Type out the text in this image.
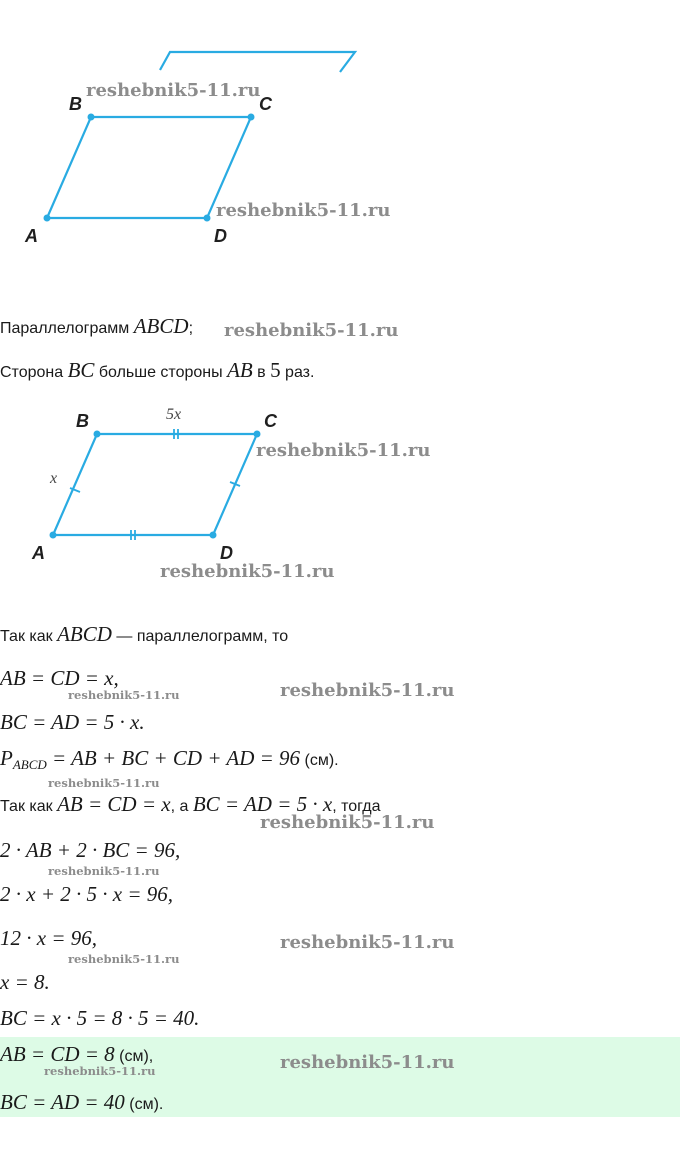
B	C
A	D
reshebnik5-11.ru
reshebnik5-11.ru
Параллелограмм ABCD; reshebnik5-11.ru
Сторона BC больше стороны AB в 5 раз.
B	C
A	D
5x
x
reshebnik5-11.ru
reshebnik5-11.ru
Так как ABCD — параллелограмм, то
AB = CD = x,
reshebnik5-11.ru	reshebnik5-11.ru
BC = AD = 5 · x.
$P_{ABCD}$ = AB + BC + CD + AD = 96 (см).
reshebnik5-11.ru
Так как AB = CD = x, а BC = AD = 5 · x, тогда
reshebnik5-11.ru
2 · AB + 2 · BC = 96,
reshebnik5-11.ru
2 · x + 2 · 5 · x = 96,
12 · x = 96,
reshebnik5-11.ru
reshebnik5-11.ru
x = 8.
BC = x · 5 = 8 · 5 = 40.
AB = CD = 8 (см),
reshebnik5-11.ru	reshebnik5-11.ru
BC = AD = 40 (см).
